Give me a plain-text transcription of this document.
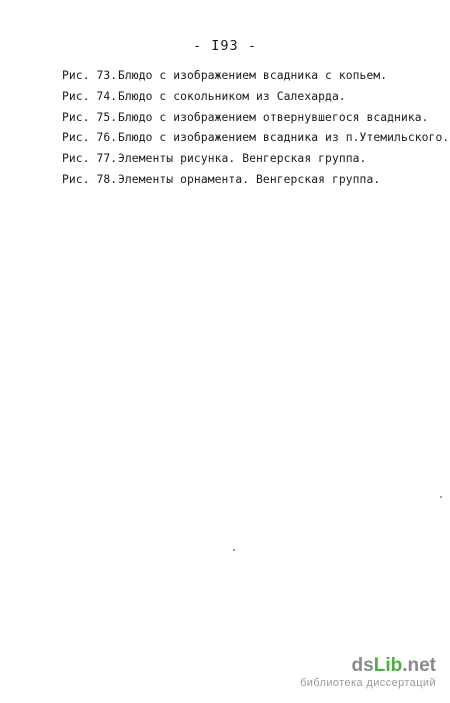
- I93 -
Рис. 73.Блюдо с изображением всадника с копьем.
Рис. 74.Блюдо с сокольником из Салехарда.
Рис. 75.Блюдо с изображением отвернувшегося всадника.
Рис. 76.Блюдо с изображением всадника из п.Утемильского.
Рис. 77.Элементы рисунка. Венгерская группа.
Рис. 78.Элементы орнамента. Венгерская группа.
dsLib.net
библиотека диссертаций
